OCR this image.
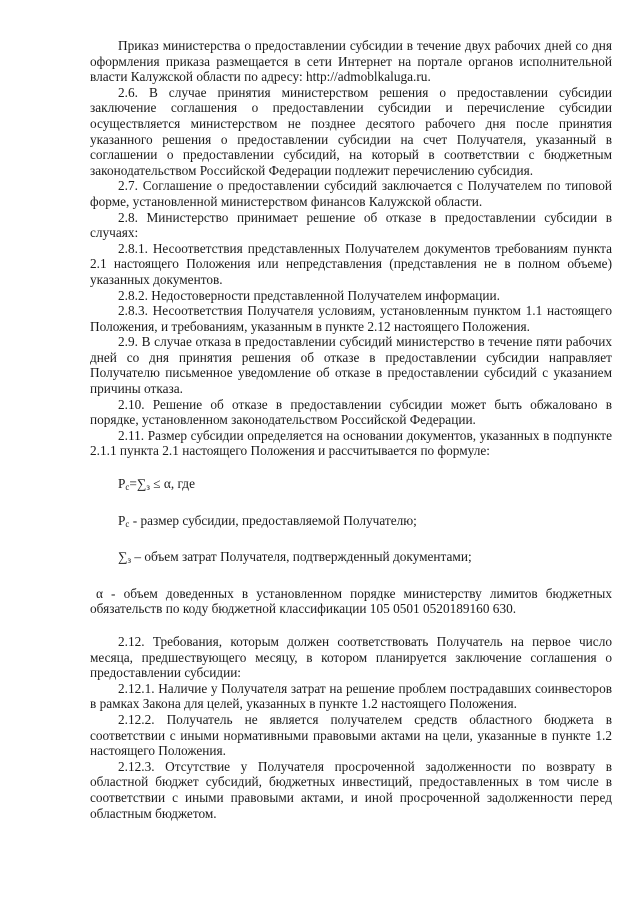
Приказ министерства о предоставлении субсидии в течение двух рабочих дней со дня оформления приказа размещается в сети Интернет на портале органов исполнительной власти Калужской области по адресу: http://admoblkaluga.ru.

2.6. В случае принятия министерством решения о предоставлении субсидии заключение соглашения о предоставлении субсидии и перечисление субсидии осуществляется министерством не позднее десятого рабочего дня после принятия указанного решения о предоставлении субсидии на счет Получателя, указанный в соглашении о предоставлении субсидий, на который в соответствии с бюджетным законодательством Российской Федерации подлежит перечислению субсидия.

2.7. Соглашение о предоставлении субсидий заключается с Получателем по типовой форме, установленной министерством финансов Калужской области.

2.8. Министерство принимает решение об отказе в предоставлении субсидии в случаях:

2.8.1. Несоответствия представленных Получателем документов требованиям пункта 2.1 настоящего Положения или непредставления (представления не в полном объеме) указанных документов.

2.8.2. Недостоверности представленной Получателем информации.

2.8.3. Несоответствия Получателя условиям, установленным пунктом 1.1 настоящего Положения, и требованиям, указанным в пункте 2.12 настоящего Положения.

2.9. В случае отказа в предоставлении субсидий министерство в течение пяти рабочих дней со дня принятия решения об отказе в предоставлении субсидии направляет Получателю письменное уведомление об отказе в предоставлении субсидий с указанием причины отказа.

2.10. Решение об отказе в предоставлении субсидии может быть обжаловано в порядке, установленном законодательством Российской Федерации.

2.11. Размер субсидии определяется на основании документов, указанных в подпункте 2.1.1 пункта 2.1 настоящего Положения и рассчитывается по формуле:

$Р_с=\sum_з \le \alpha$, где

$Р_с$ - размер субсидии, предоставляемой Получателю;

$\sum_з$ – объем затрат Получателя, подтвержденный документами;

α - объем доведенных в установленном порядке министерству лимитов бюджетных обязательств по коду бюджетной классификации 105 0501 0520189160 630.

2.12. Требования, которым должен соответствовать Получатель на первое число месяца, предшествующего месяцу, в котором планируется заключение соглашения о предоставлении субсидии:

2.12.1. Наличие у Получателя затрат на решение проблем пострадавших соинвесторов в рамках Закона для целей, указанных в пункте 1.2 настоящего Положения.

2.12.2. Получатель не является получателем средств областного бюджета в соответствии с иными нормативными правовыми актами на цели, указанные в пункте 1.2 настоящего Положения.

2.12.3. Отсутствие у Получателя просроченной задолженности по возврату в областной бюджет субсидий, бюджетных инвестиций, предоставленных в том числе в соответствии с иными правовыми актами, и иной просроченной задолженности перед областным бюджетом.
